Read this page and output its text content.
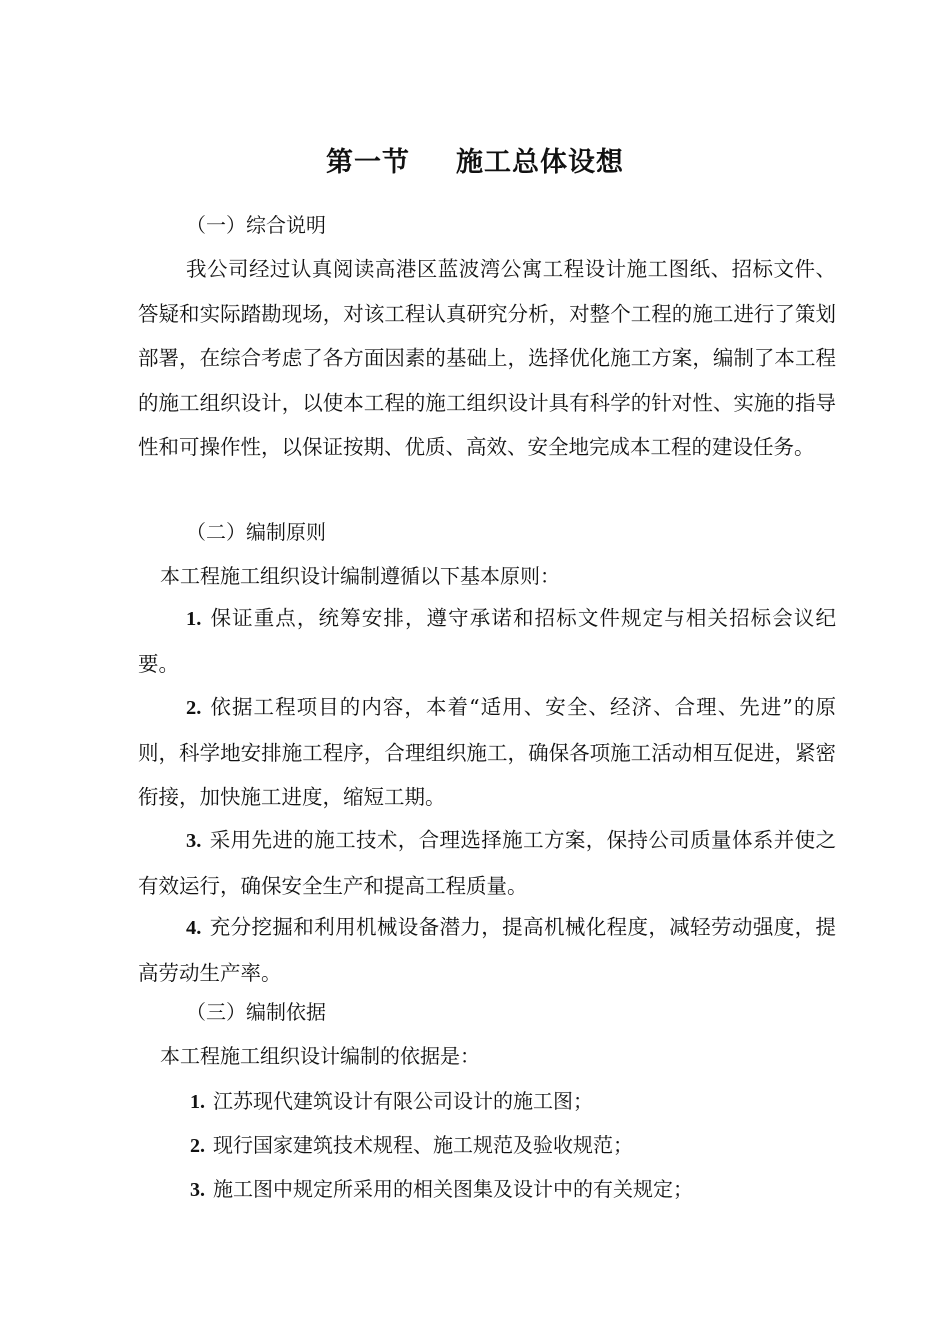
第一节 施工总体设想
（一）综合说明
我公司经过认真阅读高港区蓝波湾公寓工程设计施工图纸、招标文件、答疑和实际踏勘现场，对该工程认真研究分析，对整个工程的施工进行了策划部署，在综合考虑了各方面因素的基础上，选择优化施工方案，编制了本工程的施工组织设计，以使本工程的施工组织设计具有科学的针对性、实施的指导性和可操作性，以保证按期、优质、高效、安全地完成本工程的建设任务。
（二）编制原则
本工程施工组织设计编制遵循以下基本原则：
1. 保证重点，统筹安排，遵守承诺和招标文件规定与相关招标会议纪要。
2. 依据工程项目的内容，本着“适用、安全、经济、合理、先进”的原则，科学地安排施工程序，合理组织施工，确保各项施工活动相互促进，紧密衔接，加快施工进度，缩短工期。
3. 采用先进的施工技术，合理选择施工方案，保持公司质量体系并使之有效运行，确保安全生产和提高工程质量。
4. 充分挖掘和利用机械设备潜力，提高机械化程度，减轻劳动强度，提高劳动生产率。
（三）编制依据
本工程施工组织设计编制的依据是：
1. 江苏现代建筑设计有限公司设计的施工图；
2. 现行国家建筑技术规程、施工规范及验收规范；
3. 施工图中规定所采用的相关图集及设计中的有关规定；
